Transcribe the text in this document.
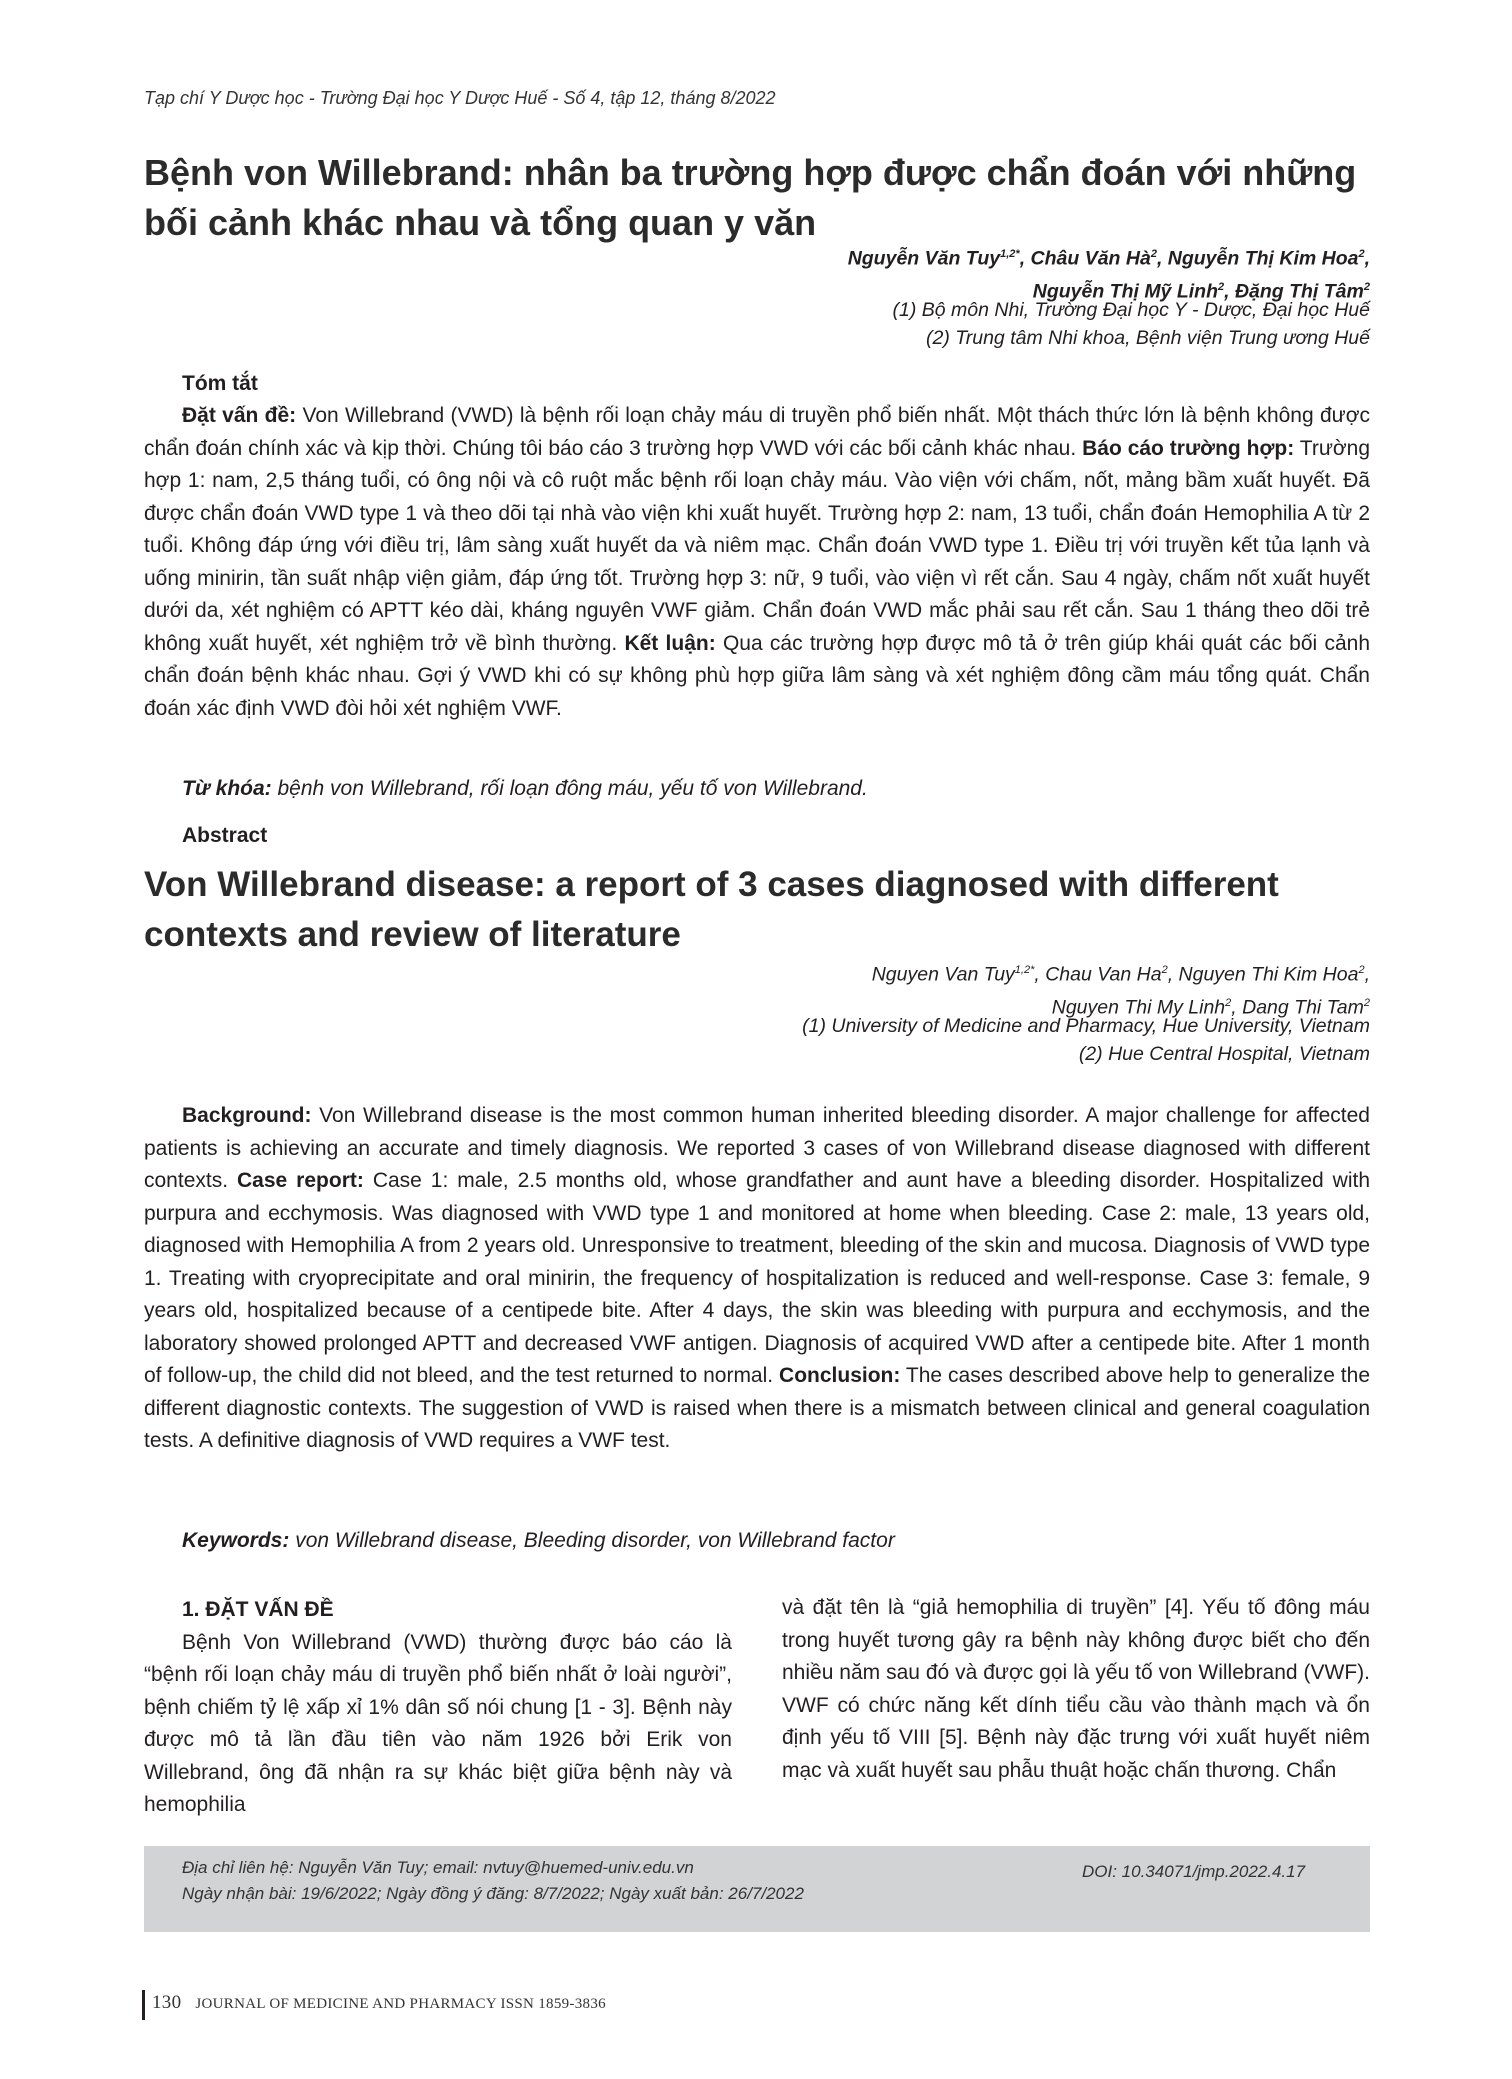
Tạp chí Y Dược học - Trường Đại học Y Dược Huế - Số 4, tập 12, tháng 8/2022
Bệnh von Willebrand: nhân ba trường hợp được chẩn đoán với những bối cảnh khác nhau và tổng quan y văn
Nguyễn Văn Tuy$^{1,2*}$, Châu Văn $Hà^2$, Nguyễn Thị Kim Hoa$^2$,
Nguyễn Thị Mỹ Linh$^2$, Đặng Thị Tâm$^2$
(1) Bộ môn Nhi, Trường Đại học Y - Dược, Đại học Huế
(2) Trung tâm Nhi khoa, Bệnh viện Trung ương Huế
Tóm tắt

Đặt vấn đề: Von Willebrand (VWD) là bệnh rối loạn chảy máu di truyền phổ biến nhất. Một thách thức lớn là bệnh không được chẩn đoán chính xác và kịp thời. Chúng tôi báo cáo 3 trường hợp VWD với các bối cảnh khác nhau. Báo cáo trường hợp: Trường hợp 1: nam, 2,5 tháng tuổi, có ông nội và cô ruột mắc bệnh rối loạn chảy máu. Vào viện với chấm, nốt, mảng bầm xuất huyết. Đã được chẩn đoán VWD type 1 và theo dõi tại nhà vào viện khi xuất huyết. Trường hợp 2: nam, 13 tuổi, chẩn đoán Hemophilia A từ 2 tuổi. Không đáp ứng với điều trị, lâm sàng xuất huyết da và niêm mạc. Chẩn đoán VWD type 1. Điều trị với truyền kết tủa lạnh và uống minirin, tần suất nhập viện giảm, đáp ứng tốt. Trường hợp 3: nữ, 9 tuổi, vào viện vì rết cắn. Sau 4 ngày, chấm nốt xuất huyết dưới da, xét nghiệm có APTT kéo dài, kháng nguyên VWF giảm. Chẩn đoán VWD mắc phải sau rết cắn. Sau 1 tháng theo dõi trẻ không xuất huyết, xét nghiệm trở về bình thường. Kết luận: Qua các trường hợp được mô tả ở trên giúp khái quát các bối cảnh chẩn đoán bệnh khác nhau. Gợi ý VWD khi có sự không phù hợp giữa lâm sàng và xét nghiệm đông cầm máu tổng quát. Chẩn đoán xác định VWD đòi hỏi xét nghiệm VWF.

Từ khóa: bệnh von Willebrand, rối loạn đông máu, yếu tố von Willebrand.

Abstract
Von Willebrand disease: a report of 3 cases diagnosed with different contexts and review of literature
Nguyen Van Tuy$^{1,2*}$, Chau Van Ha$^2$, Nguyen Thi Kim Hoa$^2$,
Nguyen Thi My Linh$^2$, Dang Thi Tam$^2$
(1) University of Medicine and Pharmacy, Hue University, Vietnam
(2) Hue Central Hospital, Vietnam

Background: Von Willebrand disease is the most common human inherited bleeding disorder. A major challenge for affected patients is achieving an accurate and timely diagnosis. We reported 3 cases of von Willebrand disease diagnosed with different contexts. Case report: Case 1: male, 2.5 months old, whose grandfather and aunt have a bleeding disorder. Hospitalized with purpura and ecchymosis. Was diagnosed with VWD type 1 and monitored at home when bleeding. Case 2: male, 13 years old, diagnosed with Hemophilia A from 2 years old. Unresponsive to treatment, bleeding of the skin and mucosa. Diagnosis of VWD type 1. Treating with cryoprecipitate and oral minirin, the frequency of hospitalization is reduced and well-response. Case 3: female, 9 years old, hospitalized because of a centipede bite. After 4 days, the skin was bleeding with purpura and ecchymosis, and the laboratory showed prolonged APTT and decreased VWF antigen. Diagnosis of acquired VWD after a centipede bite. After 1 month of follow-up, the child did not bleed, and the test returned to normal. Conclusion: The cases described above help to generalize the different diagnostic contexts. The suggestion of VWD is raised when there is a mismatch between clinical and general coagulation tests. A definitive diagnosis of VWD requires a VWF test.

Keywords: von Willebrand disease, Bleeding disorder, von Willebrand factor

1. ĐẶT VẤN ĐỀ

Bệnh Von Willebrand (VWD) thường được báo cáo là “bệnh rối loạn chảy máu di truyền phổ biến nhất ở loài người”, bệnh chiếm tỷ lệ xấp xỉ 1% dân số nói chung [1 - 3]. Bệnh này được mô tả lần đầu tiên vào năm 1926 bởi Erik von Willebrand, ông đã nhận ra sự khác biệt giữa bệnh này và hemophilia

và đặt tên là “giả hemophilia di truyền” [4]. Yếu tố đông máu trong huyết tương gây ra bệnh này không được biết cho đến nhiều năm sau đó và được gọi là yếu tố von Willebrand (VWF). VWF có chức năng kết dính tiểu cầu vào thành mạch và ổn định yếu tố VIII [5]. Bệnh này đặc trưng với xuất huyết niêm mạc và xuất huyết sau phẫu thuật hoặc chấn thương. Chẩn

Địa chỉ liên hệ: Nguyễn Văn Tuy; email: nvtuy@huemed-univ.edu.vn
Ngày nhận bài: 19/6/2022; Ngày đồng ý đăng: 8/7/2022; Ngày xuất bản: 26/7/2022
DOI: 10.34071/jmp.2022.4.17
130 JOURNAL OF MEDICINE AND PHARMACY ISSN 1859-3836
